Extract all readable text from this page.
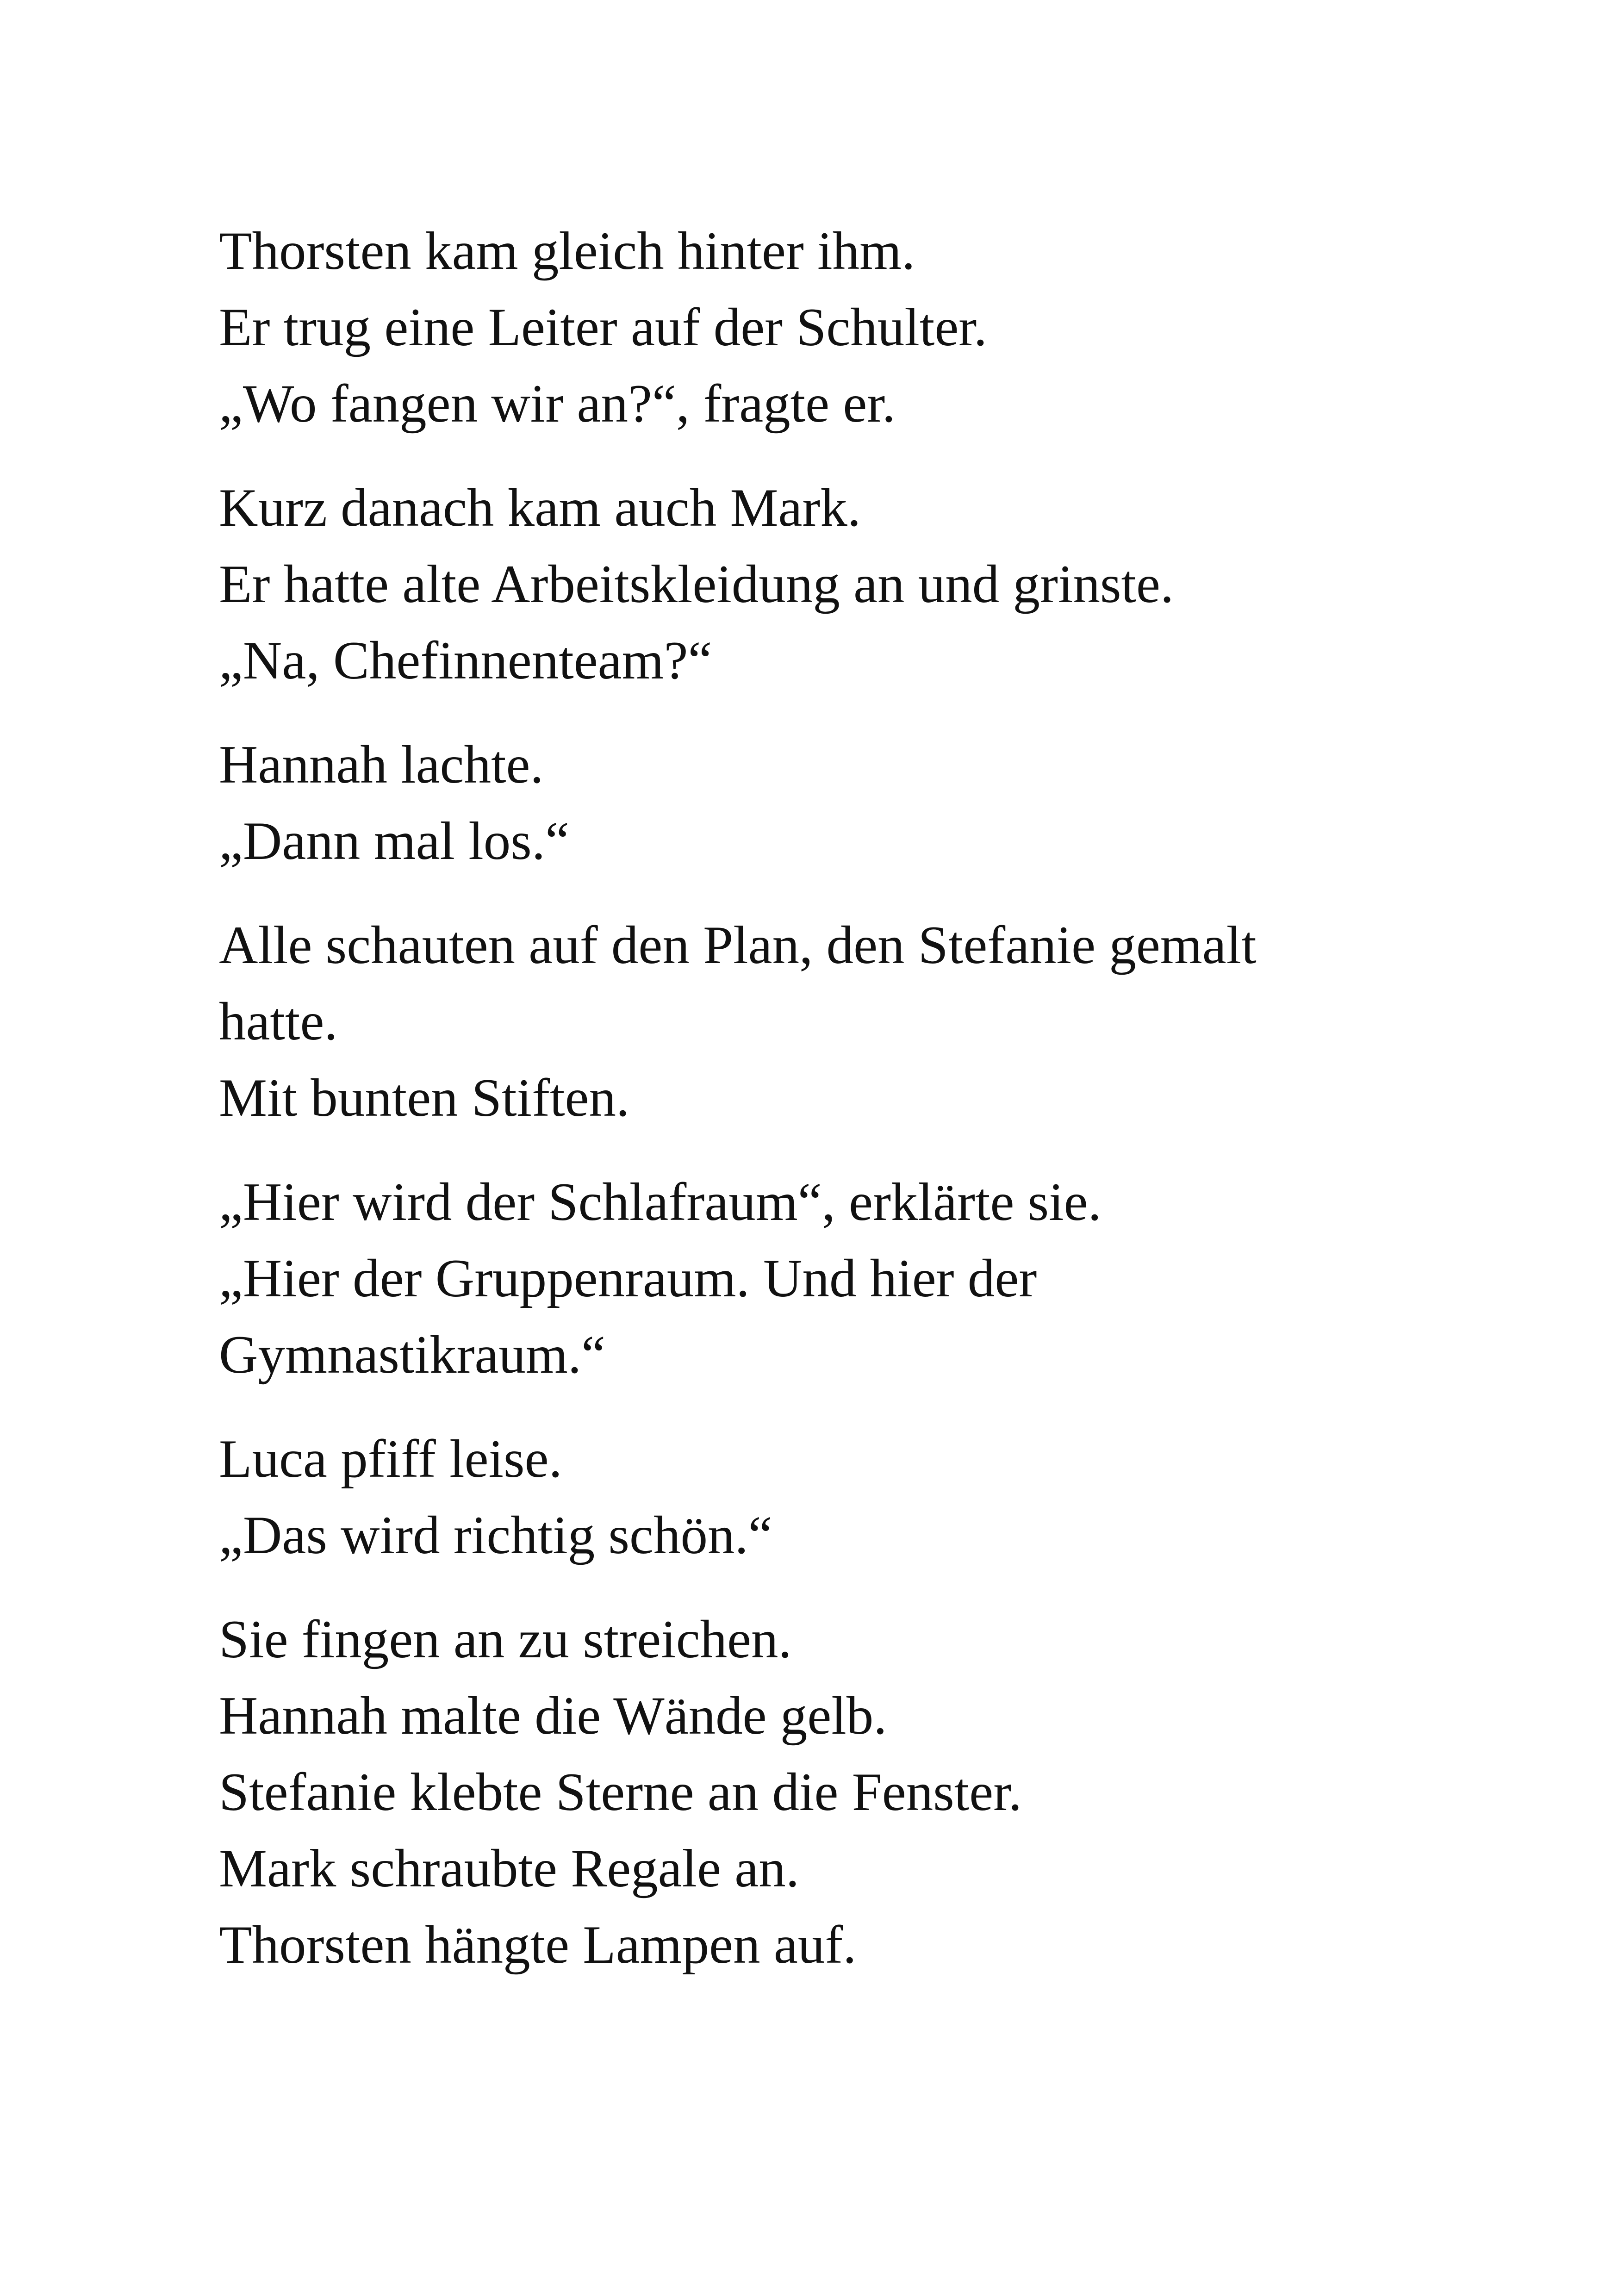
Thorsten kam gleich hinter ihm.
Er trug eine Leiter auf der Schulter.
„Wo fangen wir an?“, fragte er.

Kurz danach kam auch Mark.
Er hatte alte Arbeitskleidung an und grinste.
„Na, Chefinnenteam?“

Hannah lachte.
„Dann mal los.“

Alle schauten auf den Plan, den Stefanie gemalt
hatte.
Mit bunten Stiften.

„Hier wird der Schlafraum“, erklärte sie.
„Hier der Gruppenraum. Und hier der
Gymnastikraum.“

Luca pfiff leise.
„Das wird richtig schön.“

Sie fingen an zu streichen.
Hannah malte die Wände gelb.
Stefanie klebte Sterne an die Fenster.
Mark schraubte Regale an.
Thorsten hängte Lampen auf.
